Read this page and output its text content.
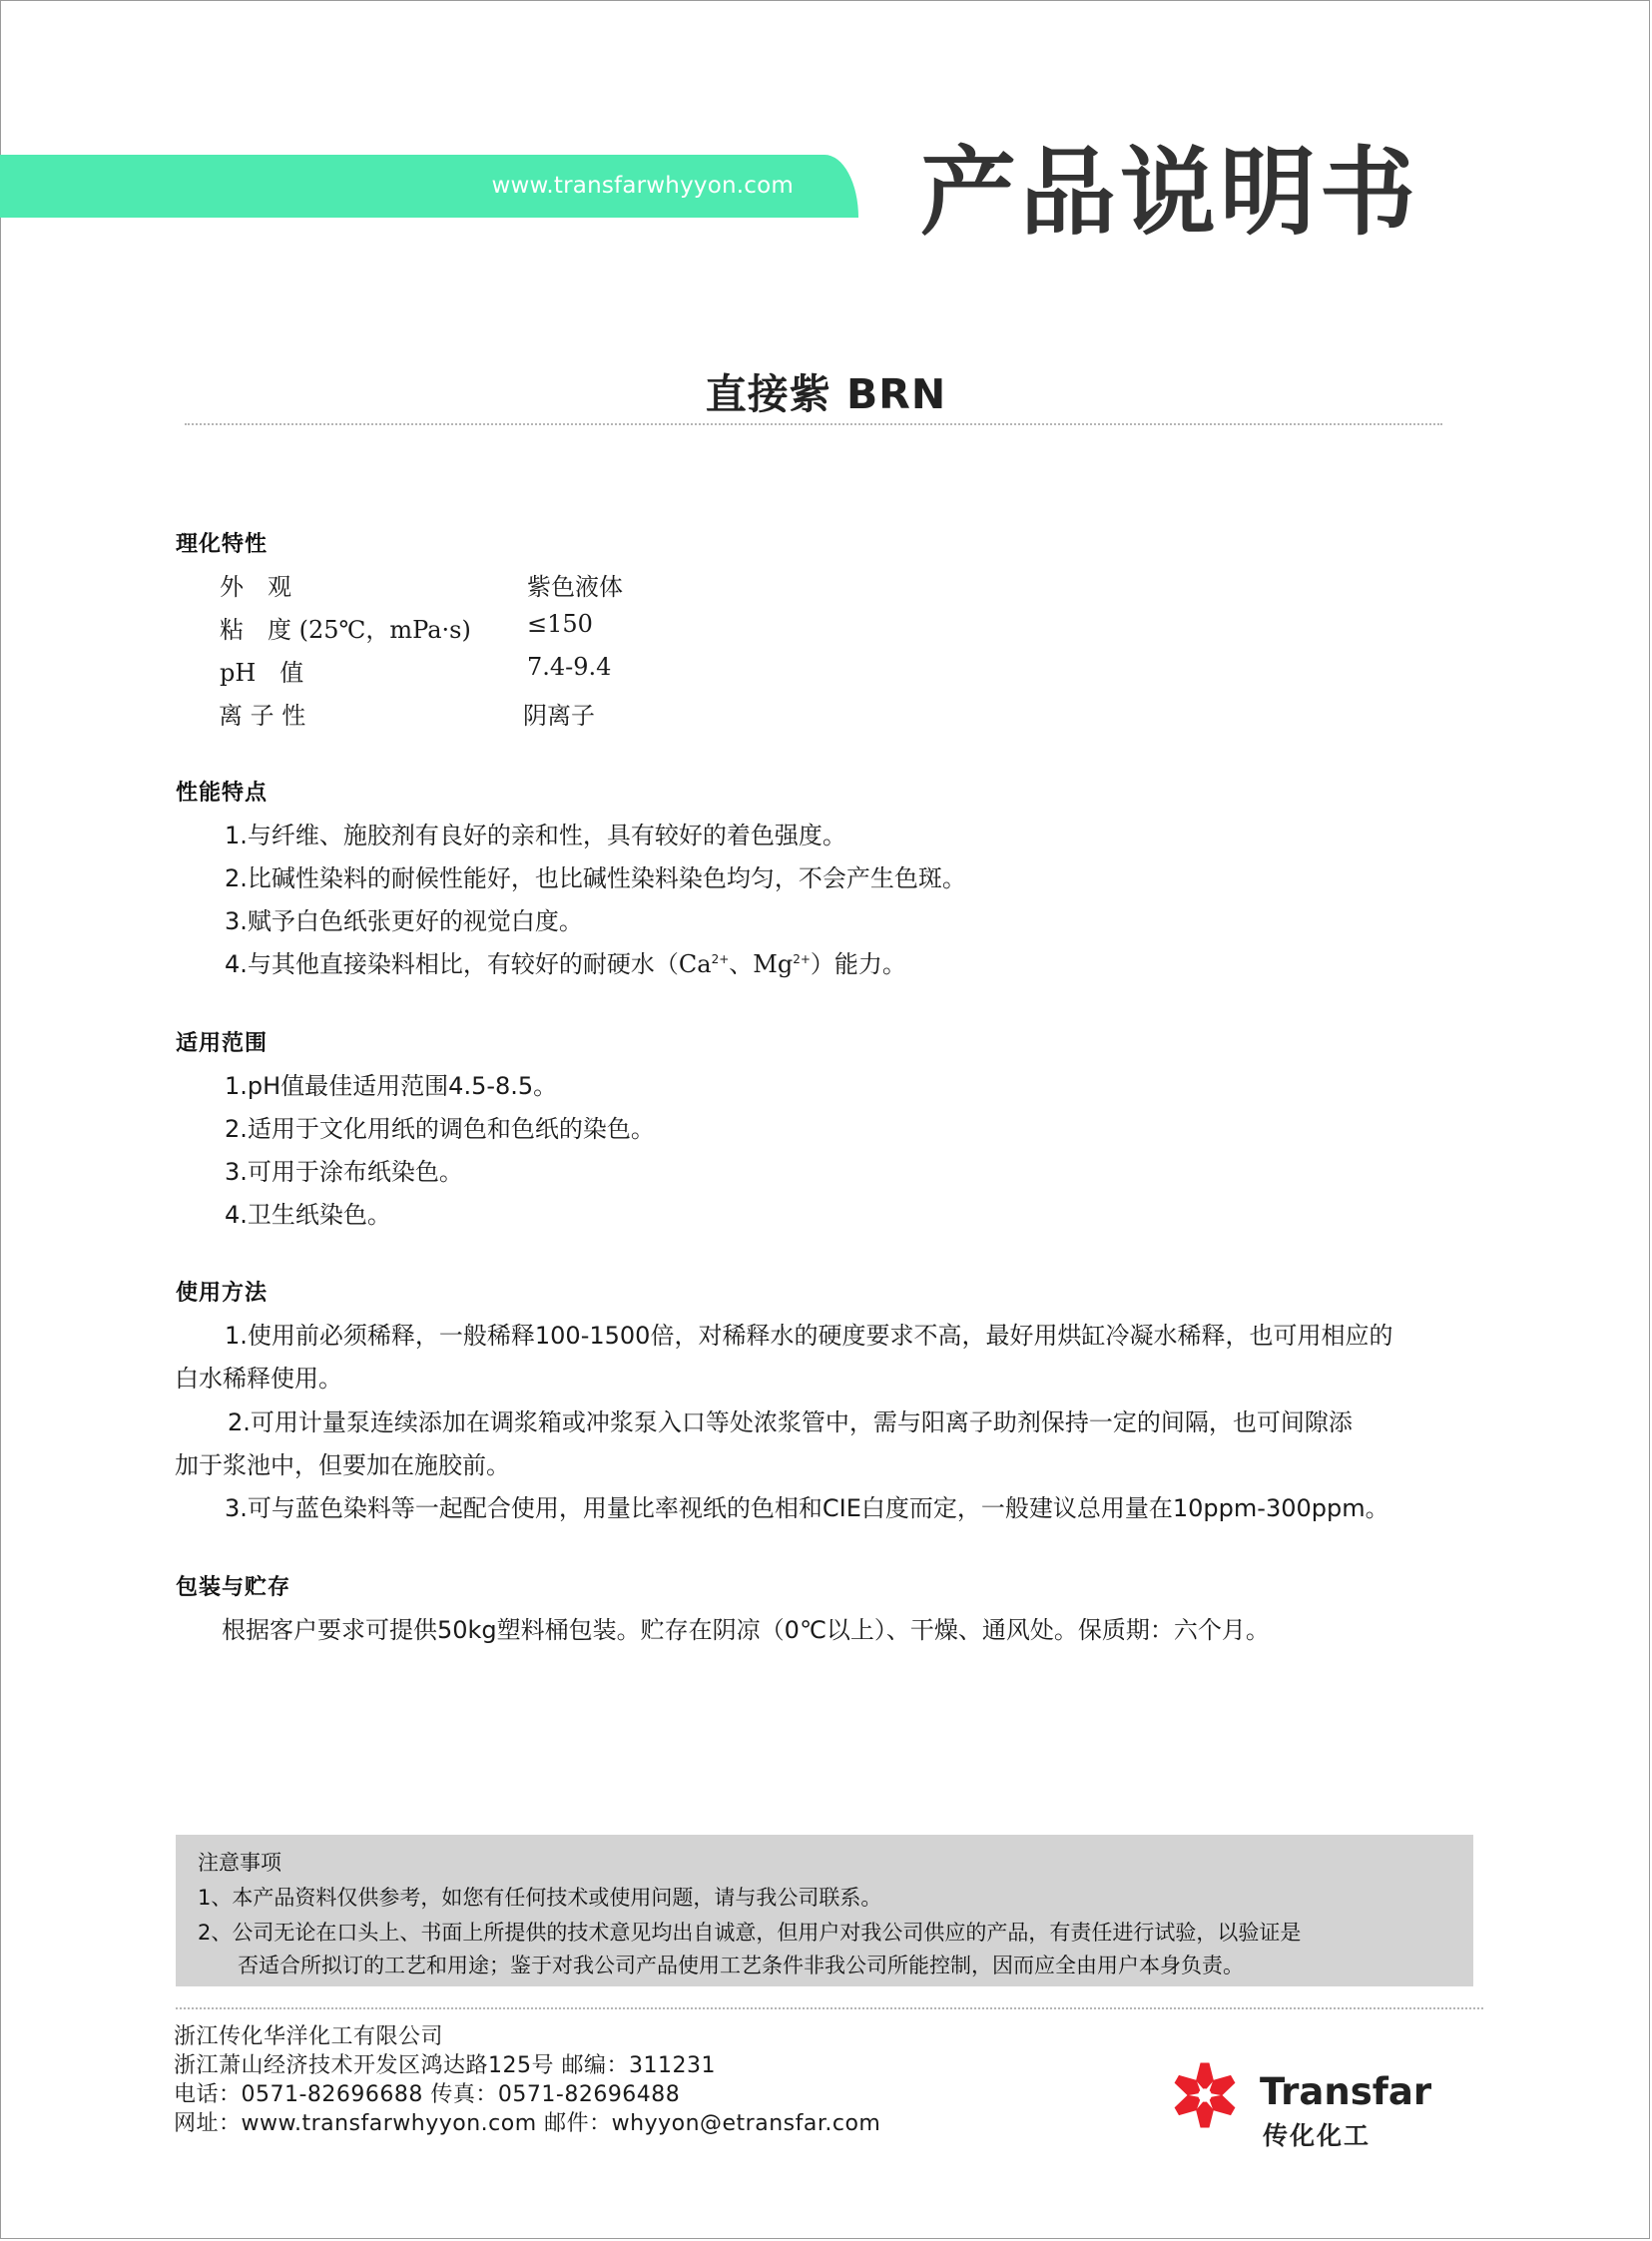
www.transfarwhyyon.com 产品说明书
直接紫 BRN
理化特性
外　观	紫色液体
粘　度 (25℃，mPa·s) ≤150
pH　值	7.4-9.4
离 子 性	阴离子
性能特点
1.与纤维、施胶剂有良好的亲和性，具有较好的着色强度。
2.比碱性染料的耐候性能好，也比碱性染料染色均匀，不会产生色斑。
3.赋予白色纸张更好的视觉白度。
4.与其他直接染料相比，有较好的耐硬水（$Ca^{2+}$、$Mg^{2+}$）能力。
适用范围
1.pH值最佳适用范围4.5-8.5。
2.适用于文化用纸的调色和色纸的染色。
3.可用于涂布纸染色。
4.卫生纸染色。
使用方法
1.使用前必须稀释，一般稀释100-1500倍，对稀释水的硬度要求不高，最好用烘缸冷凝水稀释，也可用相应的
白水稀释使用。
2.可用计量泵连续添加在调浆箱或冲浆泵入口等处浓浆管中，需与阳离子助剂保持一定的间隔，也可间隙添
加于浆池中，但要加在施胶前。
3.可与蓝色染料等一起配合使用，用量比率视纸的色相和CIE白度而定，一般建议总用量在10ppm-300ppm。
包装与贮存
根据客户要求可提供50kg塑料桶包装。贮存在阴凉（0℃以上）、干燥、通风处。保质期：六个月。
注意事项
1、本产品资料仅供参考，如您有任何技术或使用问题，请与我公司联系。
2、公司无论在口头上、书面上所提供的技术意见均出自诚意，但用户对我公司供应的产品，有责任进行试验，以验证是
否适合所拟订的工艺和用途；鉴于对我公司产品使用工艺条件非我公司所能控制，因而应全由用户本身负责。
浙江传化华洋化工有限公司
浙江萧山经济技术开发区鸿达路125号 邮编：311231
电话：0571-82696688 传真：0571-82696488
网址：www.transfarwhyyon.com 邮件：whyyon@etransfar.com
Transfar
传化化工
